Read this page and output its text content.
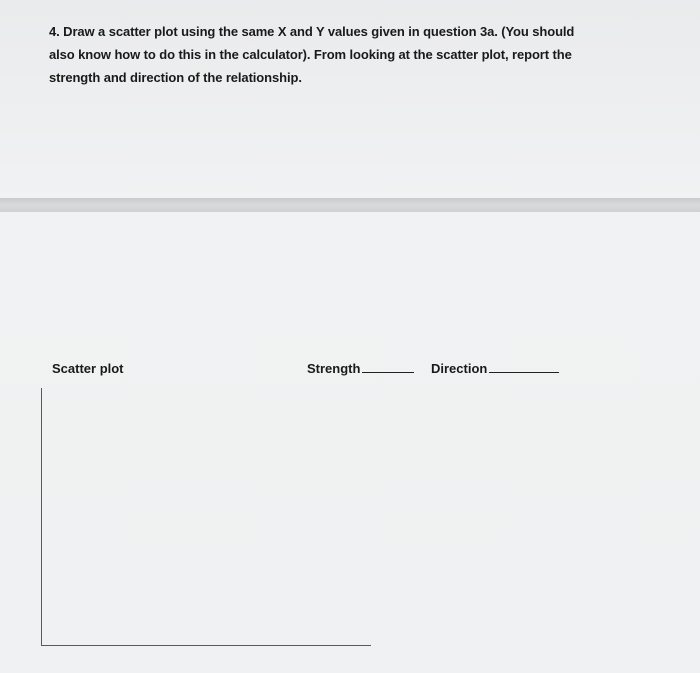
4. Draw a scatter plot using the same X and Y values given in question 3a. (You should
also know how to do this in the calculator). From looking at the scatter plot, report the
strength and direction of the relationship.
Scatter plot	Strength	Direction
